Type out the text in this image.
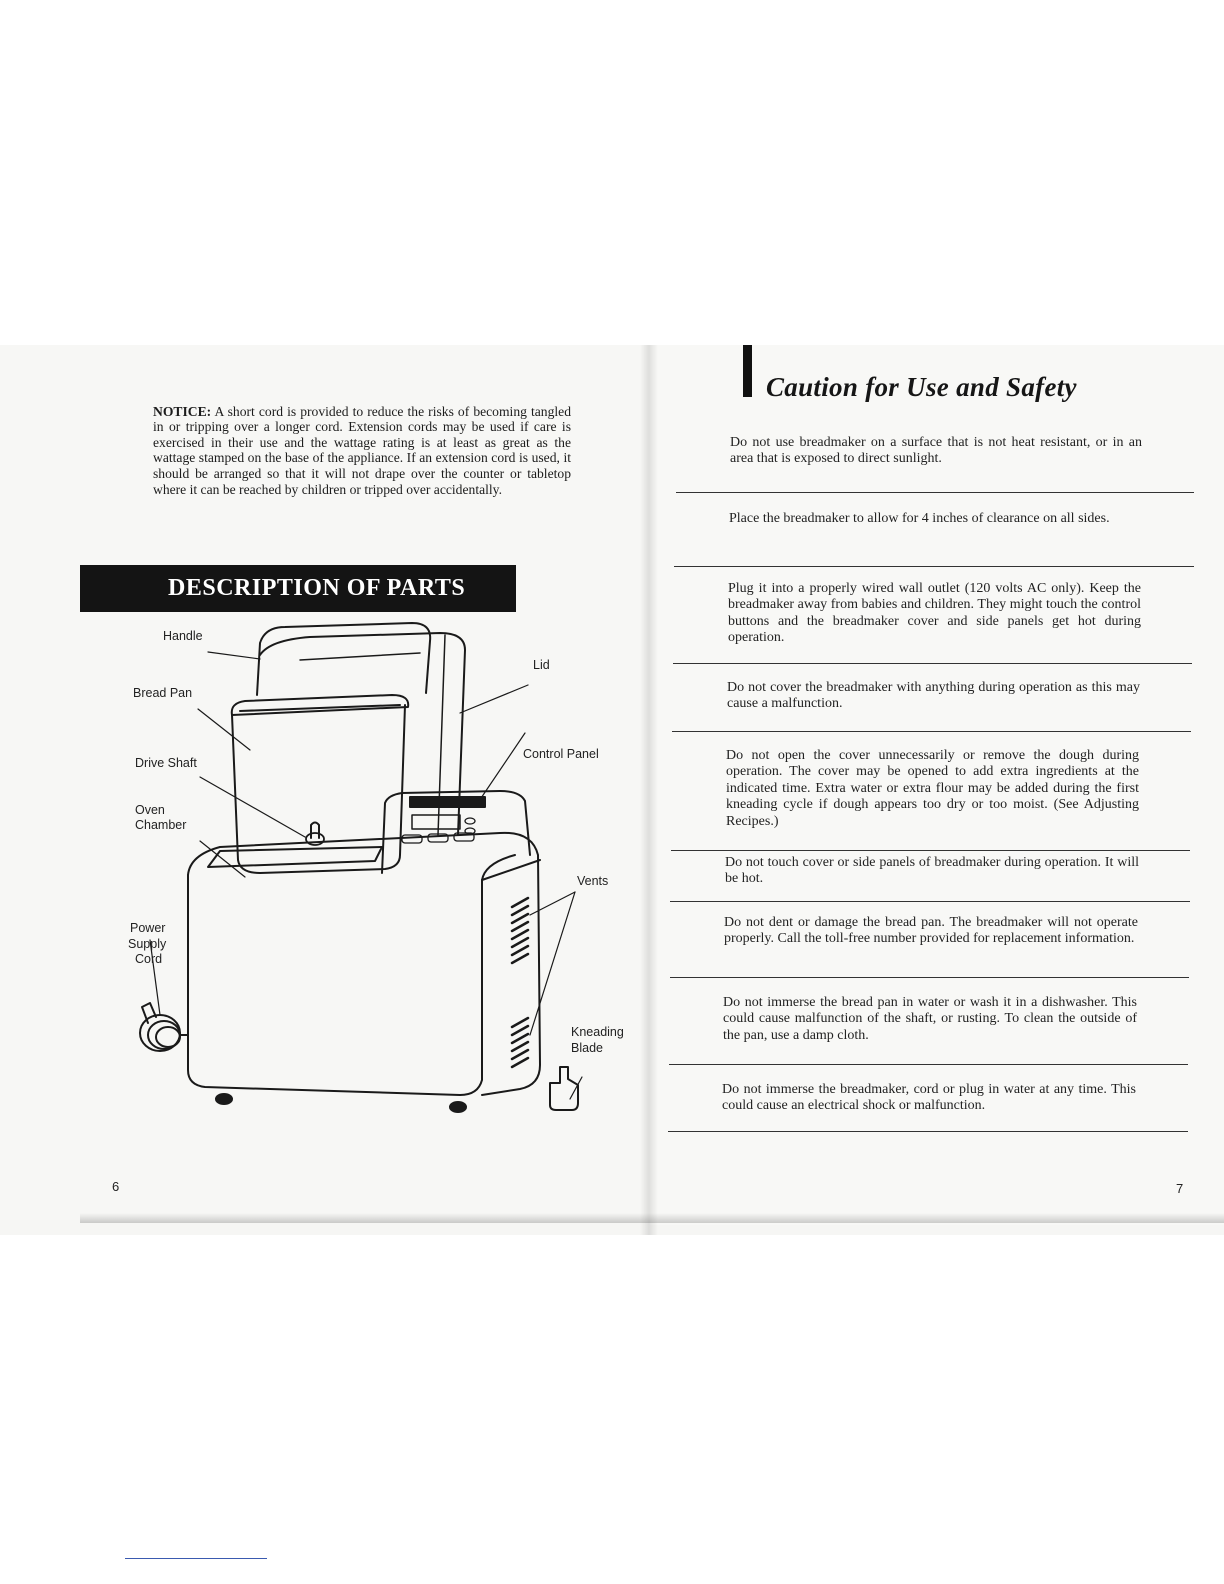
NOTICE: A short cord is provided to reduce the risks of becoming tangled in or tripping over a longer cord. Extension cords may be used if care is exercised in their use and the wattage rating is at least as great as the wattage stamped on the base of the appliance. If an extension cord is used, it should be arranged so that it will not drape over the counter or tabletop where it can be reached by children or tripped over accidentally.

DESCRIPTION OF PARTS
Handle
Bread Pan
Drive Shaft
Oven
Chamber
Power
Supply
Cord
Lid
Control Panel
Vents
Kneading
Blade
6
Caution for Use and Safety
Do not use breadmaker on a surface that is not heat resistant, or in an area that is exposed to direct sunlight.
Place the breadmaker to allow for 4 inches of clearance on all sides.
Plug it into a properly wired wall outlet (120 volts AC only). Keep the breadmaker away from babies and children. They might touch the control buttons and the breadmaker cover and side panels get hot during operation.
Do not cover the breadmaker with anything during operation as this may cause a malfunction.
Do not open the cover unnecessarily or remove the dough during operation. The cover may be opened to add extra ingredients at the indicated time. Extra water or extra flour may be added during the first kneading cycle if dough appears too dry or too moist. (See Adjusting Recipes.)
Do not touch cover or side panels of breadmaker during operation. It will be hot.
Do not dent or damage the bread pan. The breadmaker will not operate properly. Call the toll-free number provided for replacement information.
Do not immerse the bread pan in water or wash it in a dishwasher. This could cause malfunction of the shaft, or rusting. To clean the outside of the pan, use a damp cloth.
Do not immerse the breadmaker, cord or plug in water at any time. This could cause an electrical shock or malfunction.
7
